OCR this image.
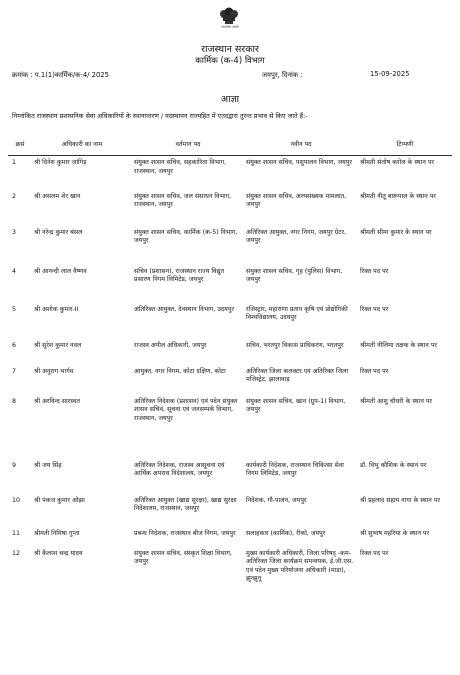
सत्यमेव जयते
राजस्थान सरकार
कार्मिक (क-4) विभाग
क्रमांक : प.1(1)कार्मिक/क-4/ 2025	जयपुर, दिनांक :	15-09-2025
आज्ञा
निम्नांकित राजस्थान प्रशासनिक सेवा अधिकारियों के स्थानान्तरण / पदस्थापन राज्यहित में एतदद्वारा तुरन्त प्रभाव से किए जाते हैं:-
क्रसं	अधिकारी का नाम	वर्तमान पद	नवीन पद	टिप्पणी
1	श्री दिनेश कुमार जांगिड़	संयुक्त शासन सचिव, सहकारिता विभाग, राजस्थान, जयपुर	संयुक्त शासन सचिव, पशुपालन विभाग, जयपुर	श्रीमती संतोष करोल के स्थान पर
2	श्री असलम शेर खान	संयुक्त शासन सचिव, जल संसाधन विभाग, राजस्थान, जयपुर	संयुक्त शासन सचिव, अल्पसंख्यक मामलात, जयपुर	श्रीमती नीतू बारूपाल के स्थान पर
3	श्री नरेन्द्र कुमार बंसल	संयुक्त शासन सचिव, कार्मिक (क-5) विभाग, जयपुर	अतिरिक्त आयुक्त, नगर निगम, जयपुर ग्रेटर, जयपुर	श्रीमती सीमा कुमार के स्थान पर
4	श्री आनन्दी लाल वैष्णव	सचिव (प्रशासन), राजस्थान राज्य विद्युत प्रसारण निगम लिमिटेड, जयपुर	संयुक्त शासन सचिव, गृह (पुलिस) विभाग, जयपुर	रिक्त पद पर
5	श्री अशोक कुमार-II	अतिरिक्त आयुक्त, देवस्थान विभाग, उदयपुर	रजिस्ट्रार, महाराणा प्रताप कृषि एवं प्रोद्योगिकी विश्वविद्यालय, उदयपुर	रिक्त पद पर
6	श्री सुरेश कुमार नवल	राजस्व अपील अधिकारी, जयपुर	सचिव, भरतपुर विकास प्राधिकरण, भरतपुर	श्रीमती नीलिमा तक्षक के स्थान पर
7	श्री अनुराग भार्गव	आयुक्त, नगर निगम, कोटा दक्षिण, कोटा	अतिरिक्त जिला कलक्टर एवं अतिरिक्त जिला मजिस्ट्रेट, झालावाड़	रिक्त पद पर
8	श्री अरविन्द सारस्वत	अतिरिक्त निदेशक (प्रशासन) एवं पदेन संयुक्त शासन सचिव, सूचना एवं जनसम्पर्क विभाग, राजस्थान, जयपुर	संयुक्त शासन सचिव, खान (ग्रुप-1) विभाग, जयपुर	श्रीमती आशु चौधरी के स्थान पर
9	श्री जय सिंह	अतिरिक्त निदेशक, राजस्व आसूचना एवं आर्थिक अपराध निदेशालय, जयपुर	कार्यकारी निदेशक, राजस्थान चिकित्सा सेवा निगम लिमिटेड, जयपुर	डॉ. विभु कौशिक के स्थान पर
10	श्री पंकज कुमार ओझा	अतिरिक्त आयुक्त (खाद्य सुरक्षा), खाद्य सुरक्षा निदेशालय, राजस्थान, जयपुर	निदेशक, गौ-पालन, जयपुर	श्री प्रहलाद सहाय नागा के स्थान पर
11	श्रीमती निमिषा गुप्ता	प्रबन्ध निदेशक, राजस्थान बीज निगम, जयपुर	सलाहकार (कार्मिक), रीको, जयपुर	श्री सुभाष महरिया के स्थान पर
12	श्री कैलाश चन्द्र यादव	संयुक्त शासन सचिव, संस्कृत शिक्षा विभाग, जयपुर	मुख्य कार्यकारी अधिकारी, जिला परिषद् -कम- अतिरिक्त जिला कार्यक्रम समन्वयक, ई.जी.एस. एवं पदेन मुख्य परियोजना अधिकारी (माडा), झुन्झुनू	रिक्त पद पर
